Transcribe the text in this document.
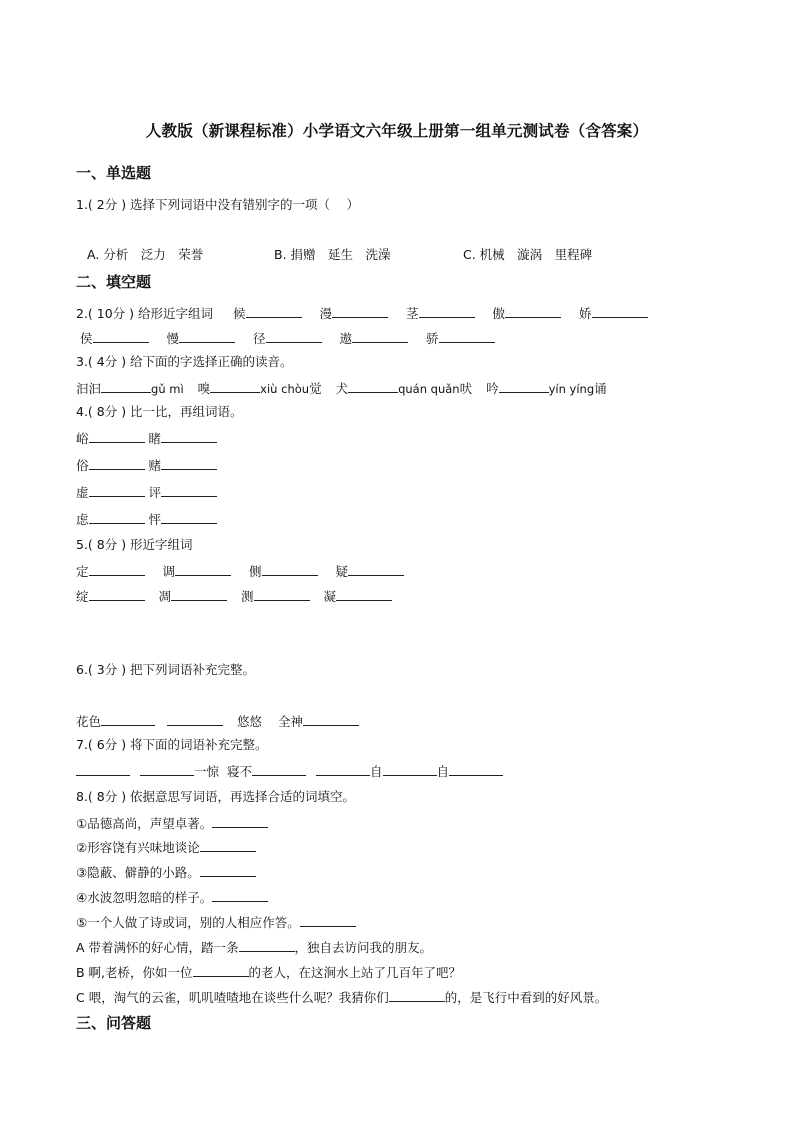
人教版（新课程标准）小学语文六年级上册第一组单元测试卷（含答案）
一、单选题
1.( 2分 ) 选择下列词语中没有错别字的一项（　 ）
A. 分析　泛力　荣誉	B. 捐赠　延生　洗澡	C. 机械　漩涡　里程碑
二、填空题
2.( 10分 ) 给形近字组词 候	漫	茎	傲	娇
侯	慢	径	遨	骄
3.( 4分 ) 给下面的字选择正确的读音。
汩汩	gǔ mì 嗅	xiù chòu觉 犬	quán quǎn吠 吟	yín yíng诵
4.( 8分 ) 比一比，再组词语。
峪	睹
俗	赌
虚	评
虑	怦
5.( 8分 ) 形近字组词
定	调	侧	疑
绽	凋	测	凝
6.( 3分 ) 把下列词语补充完整。
花色	悠悠 全神
7.( 6分 ) 将下面的词语补充完整。
一惊 寝不	自	自
8.( 8分 ) 依据意思写词语，再选择合适的词填空。
①品德高尚，声望卓著。
②形容饶有兴味地谈论
③隐蔽、僻静的小路。
④水波忽明忽暗的样子。
⑤一个人做了诗或词，别的人相应作答。
A 带着满怀的好心情，踏一条	，独自去访问我的朋友。
B 啊,老桥，你如一位	的老人，在这涧水上站了几百年了吧？
C 喂，淘气的云雀，叽叽喳喳地在谈些什么呢？我猜你们	的，是飞行中看到的好风景。
三、问答题
